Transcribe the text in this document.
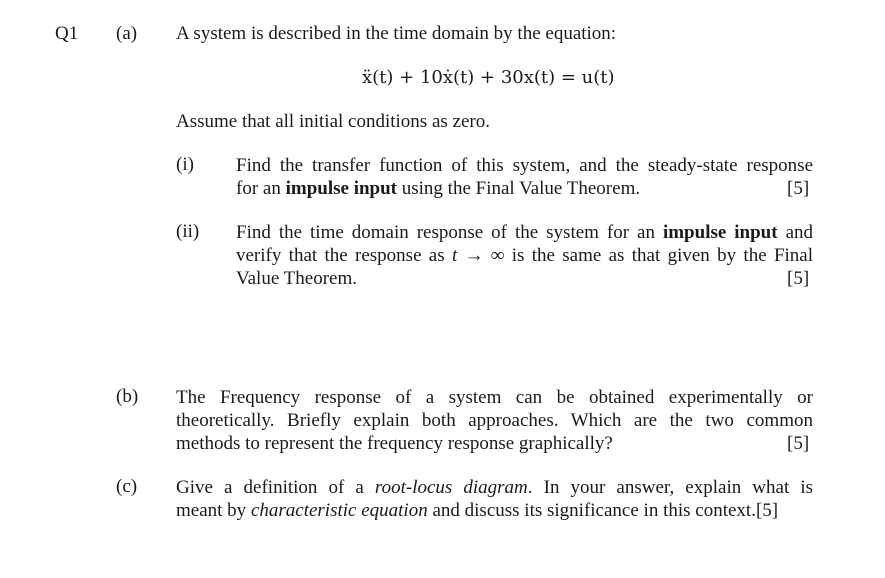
Q1 (a) A system is described in the time domain by the equation:
ẍ(t) + 10ẋ(t) + 30x(t) = u(t)
Assume that all initial conditions as zero.
(i) Find the transfer function of this system, and the steady-state response
for an impulse input using the Final Value Theorem.	[5]
(ii) Find the time domain response of the system for an impulse input and
verify that the response as t → ∞ is the same as that given by the Final
Value Theorem.	[5]
(b) The Frequency response of a system can be obtained experimentally or
theoretically. Briefly explain both approaches. Which are the two common
methods to represent the frequency response graphically?	[5]
(c) Give a definition of a root-locus diagram. In your answer, explain what is
meant by characteristic equation and discuss its significance in this context.[5]
